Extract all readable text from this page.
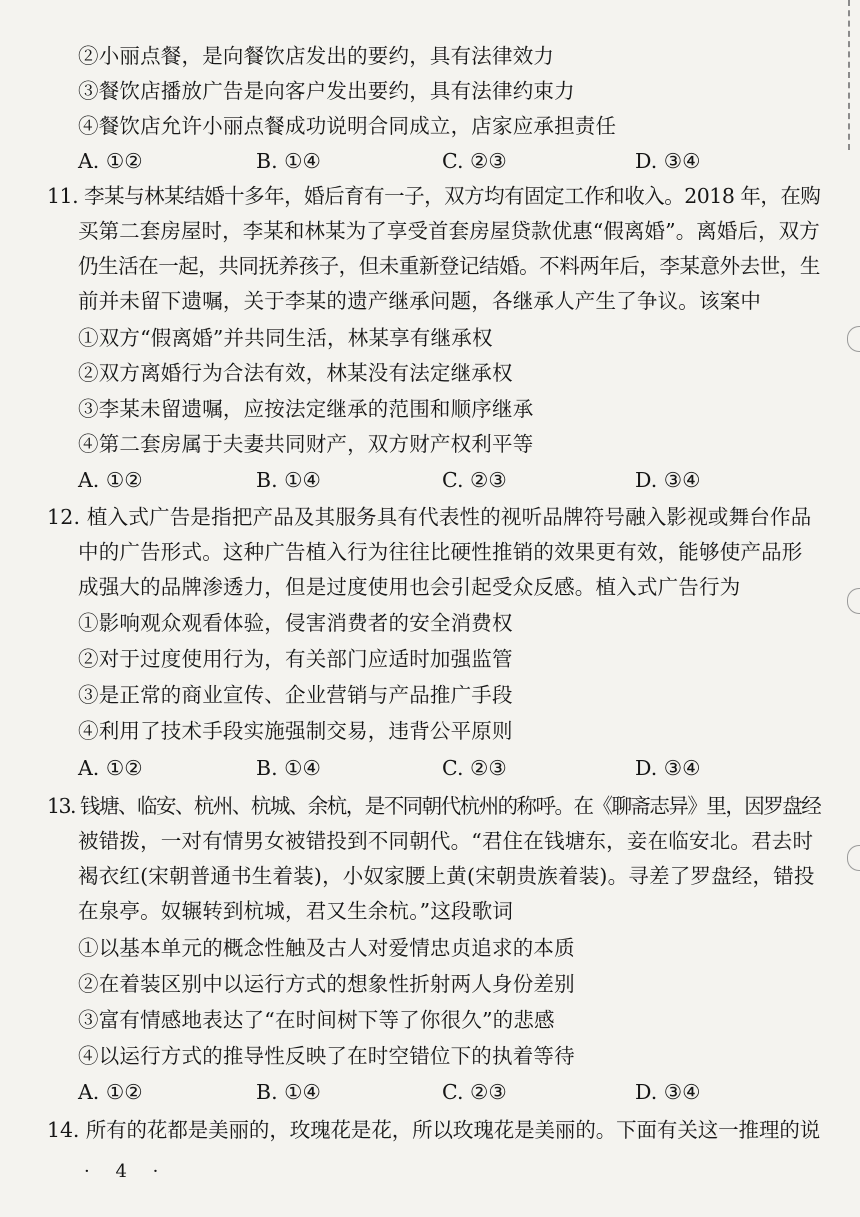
②小丽点餐，是向餐饮店发出的要约，具有法律效力
③餐饮店播放广告是向客户发出要约，具有法律约束力
④餐饮店允许小丽点餐成功说明合同成立，店家应承担责任
A. ①②	B. ①④	C. ②③	D. ③④
11. 李某与林某结婚十多年，婚后育有一子，双方均有固定工作和收入。2018 年，在购
买第二套房屋时，李某和林某为了享受首套房屋贷款优惠“假离婚”。离婚后，双方
仍生活在一起，共同抚养孩子，但未重新登记结婚。不料两年后，李某意外去世，生
前并未留下遗嘱，关于李某的遗产继承问题，各继承人产生了争议。该案中
①双方“假离婚”并共同生活，林某享有继承权
②双方离婚行为合法有效，林某没有法定继承权
③李某未留遗嘱，应按法定继承的范围和顺序继承
④第二套房属于夫妻共同财产，双方财产权利平等
A. ①②	B. ①④	C. ②③	D. ③④
12. 植入式广告是指把产品及其服务具有代表性的视听品牌符号融入影视或舞台作品
中的广告形式。这种广告植入行为往往比硬性推销的效果更有效，能够使产品形
成强大的品牌渗透力，但是过度使用也会引起受众反感。植入式广告行为
①影响观众观看体验，侵害消费者的安全消费权
②对于过度使用行为，有关部门应适时加强监管
③是正常的商业宣传、企业营销与产品推广手段
④利用了技术手段实施强制交易，违背公平原则
A. ①②	B. ①④	C. ②③	D. ③④
13. 钱塘、临安、杭州、杭城、余杭，是不同朝代杭州的称呼。在《聊斋志异》里，因罗盘经
被错拨，一对有情男女被错投到不同朝代。“君住在钱塘东，妾在临安北。君去时
褐衣红(宋朝普通书生着装)，小奴家腰上黄(宋朝贵族着装)。寻差了罗盘经，错投
在泉亭。奴辗转到杭城，君又生余杭。”这段歌词
①以基本单元的概念性触及古人对爱情忠贞追求的本质
②在着装区别中以运行方式的想象性折射两人身份差别
③富有情感地表达了“在时间树下等了你很久”的悲感
④以运行方式的推导性反映了在时空错位下的执着等待
A. ①②	B. ①④	C. ②③	D. ③④
14. 所有的花都是美丽的，玫瑰花是花，所以玫瑰花是美丽的。下面有关这一推理的说
· 4 ·
